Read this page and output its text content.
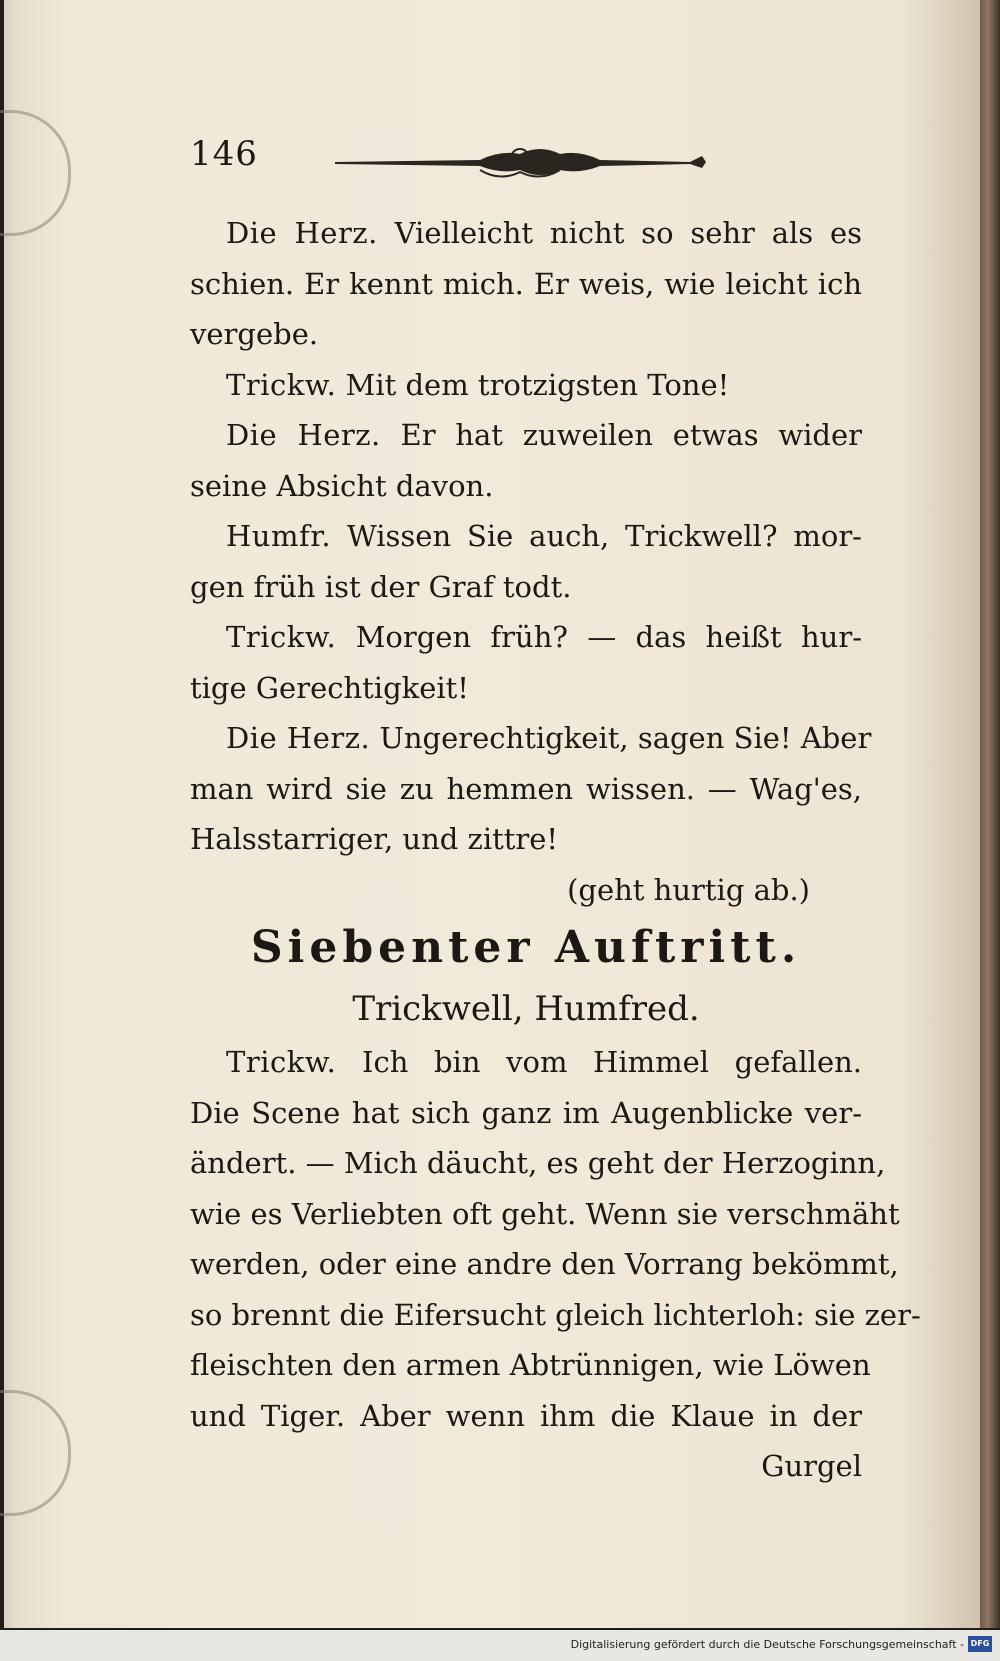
146
Die Herz. Vielleicht nicht so sehr als es
schien. Er kennt mich. Er weis, wie leicht ich
vergebe.
Trickw. Mit dem trotzigsten Tone!
Die Herz. Er hat zuweilen etwas wider
seine Absicht davon.
Humfr. Wissen Sie auch, Trickwell? mor-
gen früh ist der Graf todt.
Trickw. Morgen früh? — das heißt hur-
tige Gerechtigkeit!
Die Herz. Ungerechtigkeit, sagen Sie! Aber
man wird sie zu hemmen wissen. — Wag'es,
Halsstarriger, und zittre!
(geht hurtig ab.)
Siebenter Auftritt.
Trickwell, Humfred.
Trickw. Ich bin vom Himmel gefallen.
Die Scene hat sich ganz im Augenblicke ver-
ändert. — Mich däucht, es geht der Herzoginn,
wie es Verliebten oft geht. Wenn sie verschmäht
werden, oder eine andre den Vorrang bekömmt,
so brennt die Eifersucht gleich lichterloh: sie zer-
fleischten den armen Abtrünnigen, wie Löwen
und Tiger. Aber wenn ihm die Klaue in der
Gurgel
Digitalisierung gefördert durch die Deutsche Forschungsgemeinschaft - DFG
